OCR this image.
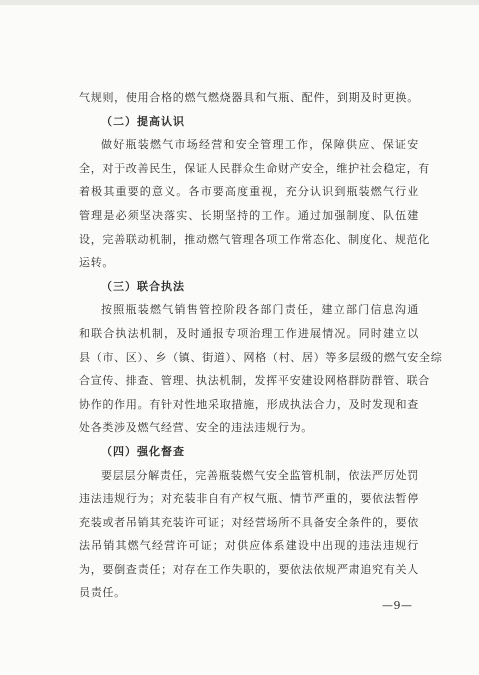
气规则，使用合格的燃气燃烧器具和气瓶、配件，到期及时更换。
（二）提高认识
做好瓶装燃气市场经营和安全管理工作，保障供应、保证安
全，对于改善民生，保证人民群众生命财产安全，维护社会稳定，有
着极其重要的意义。各市要高度重视，充分认识到瓶装燃气行业
管理是必须坚决落实、长期坚持的工作。通过加强制度、队伍建
设，完善联动机制，推动燃气管理各项工作常态化、制度化、规范化
运转。
（三）联合执法
按照瓶装燃气销售管控阶段各部门责任，建立部门信息沟通
和联合执法机制，及时通报专项治理工作进展情况。同时建立以
县（市、区）、乡（镇、街道）、网格（村、居）等多层级的燃气安全综
合宣传、排查、管理、执法机制，发挥平安建设网格群防群管、联合
协作的作用。有针对性地采取措施，形成执法合力，及时发现和查
处各类涉及燃气经营、安全的违法违规行为。
（四）强化督查
要层层分解责任，完善瓶装燃气安全监管机制，依法严厉处罚
违法违规行为；对充装非自有产权气瓶、情节严重的，要依法暂停
充装或者吊销其充装许可证；对经营场所不具备安全条件的，要依
法吊销其燃气经营许可证；对供应体系建设中出现的违法违规行
为，要倒查责任；对存在工作失职的，要依法依规严肃追究有关人
员责任。
—9—
